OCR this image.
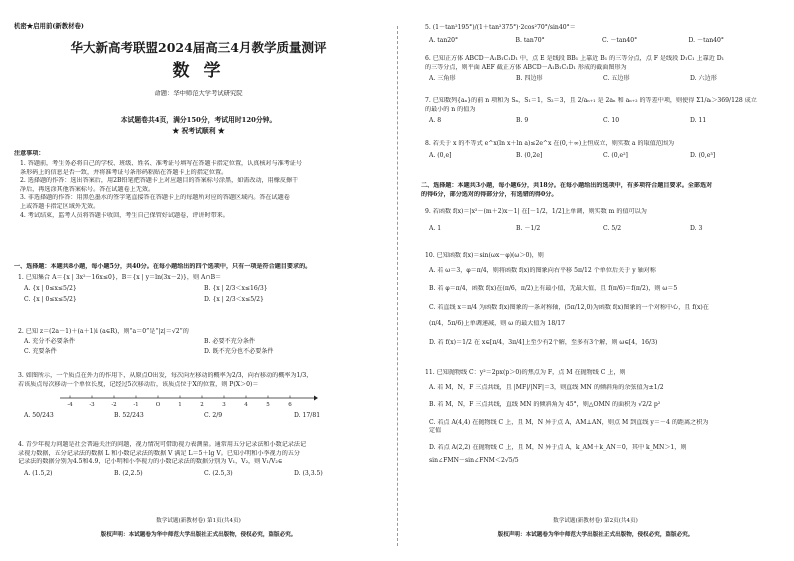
机密★启用前(新教材卷)
华大新高考联盟2024届高三4月教学质量测评
数 学
命题：华中师范大学考试研究院
本试题卷共4页，满分150分，考试用时120分钟。
★ 祝考试顺利 ★
注意事项：
1. 答题前，考生务必将自己的学校、班级、姓名、准考证号填写在答题卡指定位置，认真核对与准考证号
条形码上的信息是否一致，并将准考证号条形码粘贴在答题卡上的指定位置。
2. 选择题的作答：选出答案后，用2B铅笔把答题卡上对应题目的答案标号涂黑，如需改动，用橡皮擦干
净后，再选涂其他答案标号。答在试题卷上无效。
3. 非选择题的作答：用黑色墨水的签字笔直接答在答题卡上的每题所对应的答题区域内。答在试题卷
上或答题卡指定区域外无效。
4. 考试结束，监考人员将答题卡收回，考生自己保管好试题卷，评讲时带来。
一、选择题：本题共8小题，每小题5分，共40分。在每小题给出的四个选项中，只有一项是符合题目要求的。
1. 已知集合 A＝{x | 3x²－16x≤0}，B＝{x | y＝ln(3x－2)}，则 A∩B＝
A. {x | 0≤x≤5/2}	B. {x | 2/3＜x≤16/3}
C. {x | 0≤x≤5/2}	D. {x | 2/3＜x≤5/2}
2. 已知 z＝(2a－1)＋(a＋1)i (a∈R)，则“a＝0”是“|z|＝√2”的
A. 充分不必要条件	B. 必要不充分条件
C. 充要条件	D. 既不充分也不必要条件
3. 如图所示，一个质点在外力的作用下，从原点O出发，每次向左移动的概率为2/3，向右移动的概率为1/3，
若该质点每次移动一个单位长度，记经过5次移动后，该质点位于X的位置，则 P(X＞0)＝
-4	-3	-2	-1	O	1	2	3	4	5	6
A. 50/243	B. 52/243	C. 2/9	D. 17/81
4. 青少年视力问题是社会普遍关注的问题，视力情况可借助视力表测量。通常用五分记录法和小数记录法记
录视力数据，五分记录法的数据 L 和小数记录法的数据 V 满足 L＝5＋lg V。已知小明和小李视力的五分
记录法的数据分别为4.5和4.9，记小明和小李视力的小数记录法的数据分别为 V₁，V₂，则 V₁/V₂∈
A. (1.5,2)	B. (2,2.5)	C. (2.5,3)	D. (3,3.5)
数学试题(新教材卷) 第1页(共4页)
版权声明：本试题卷为华中师范大学出版社正式出版物，侵权必究，盗版必究。
5. (1－tan²195°)/(1＋tan²375°)·2cos²70°/sin40°＝
A. tan20°	B. tan70°	C. －tan40°	D. －tan40°
6. 已知正方体 ABCD－A₁B₁C₁D₁ 中，点 E 是线段 BB₁ 上靠近 B₁ 的三等分点，点 F 是线段 D₁C₁ 上靠近 D₁
的三等分点，则平面 AEF 截正方体 ABCD－A₁B₁C₁D₁ 形成的截面图形为
A. 三角形	B. 四边形	C. 五边形	D. 六边形
7. 已知数列{aₙ}的前 n 项和为 Sₙ，S₁＝1，S₂＝3，且 2/aₙ₊₁ 是 2aₙ 和 aₙ₊₂ 的等差中项，则使得 Σ1/aᵢ＞369/128 成立
的最小的 n 的值为
A. 8	B. 9	C. 10	D. 11
8. 若关于 x 的不等式 e^x(ln x＋ln a)≤2e^x 在(0,＋∞)上恒成立，则实数 a 的取值范围为
A. (0,e]	B. (0,2e]	C. (0,e²]	D. (0,e³]
二、选择题：本题共3小题，每小题6分，共18分。在每小题给出的选项中，有多项符合题目要求。全部选对
的得6分，部分选对的得部分分，有选错的得0分。
9. 若函数 f(x)＝|x²－(m＋2)x－1| 在[－1/2，1/2]上单调，则实数 m 的值可以为
A. 1	B. －1/2	C. 5/2	D. 3
10. 已知函数 f(x)＝sin(ωx－φ)(ω＞0)，则
A. 若 ω＝3，φ＝π/4，则将函数 f(x)的图象向右平移 5π/12 个单位后关于 y 轴对称
B. 若 φ＝π/4，函数 f(x)在(π/6，π/2)上有最小值，无最大值，且 f(π/6)＝f(π/2)，则 ω＝5
C. 若直线 x＝π/4 为函数 f(x)图象的一条对称轴，(5π/12,0)为函数 f(x)图象的一个对称中心，且 f(x)在
(π/4，5π/6)上单调递减，则 ω 的最大值为 18/17
D. 若 f(x)＝1/2 在 x∈[π/4，3π/4]上至少有2个解，至多有3个解，则 ω∈[4，16/3)
11. 已知抛物线 C：y²＝2px(p＞0)的焦点为 F，点 M 在抛物线 C 上，则
A. 若 M，N，F 三点共线，且 |MF|/|NF|＝3，则直线 MN 的倾斜角的余弦值为±1/2
B. 若 M，N，F 三点共线，直线 MN 的倾斜角为 45°，则△OMN 的面积为 √2/2 p²
C. 若点 A(4,4) 在抛物线 C 上，且 M，N 异于点 A，AM⊥AN，则点 M 到直线 y＝－4 的距离之积为
定值
D. 若点 A(2,2) 在抛物线 C 上，且 M，N 异于点 A，k_AM＋k_AN＝0，其中 k_MN＞1，则
sin∠FMN－sin∠FNM＜2√5/5
数学试题(新教材卷) 第2页(共4页)
版权声明：本试题卷为华中师范大学出版社正式出版物，侵权必究，盗版必究。
